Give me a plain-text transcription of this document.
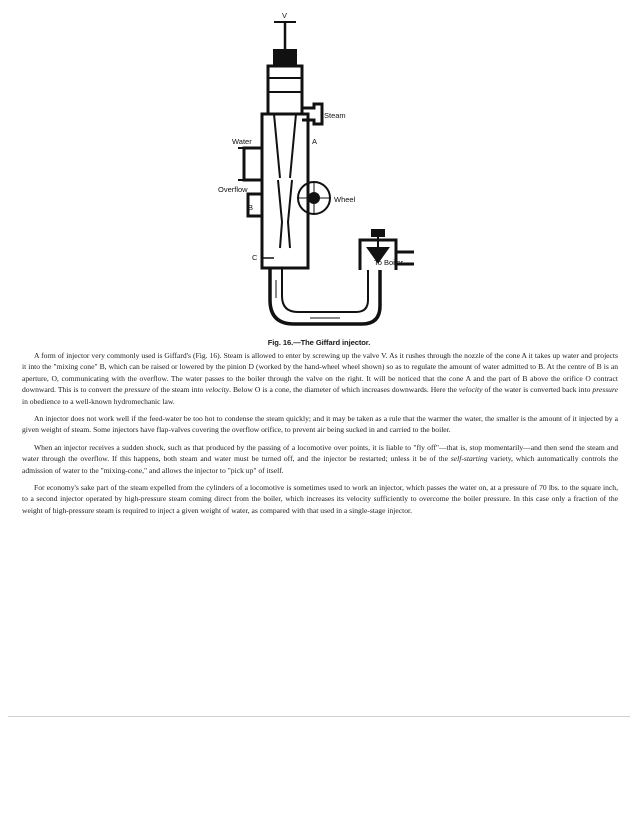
V
Steam
Water	A
Overflow
D Wheel
B
C
To Boiler
Fig. 16.—The Giffard injector.

A form of injector very commonly used is Giffard's (Fig. 16). Steam is allowed to enter by screwing up the valve V. As it rushes through the nozzle of the cone A it takes up water and projects it into the "mixing cone" B, which can be raised or lowered by the pinion D (worked by the hand-wheel wheel shown) so as to regulate the amount of water admitted to B. At the centre of B is an aperture, O, communicating with the overflow. The water passes to the boiler through the valve on the right. It will be noticed that the cone A and the part of B above the orifice O contract downward. This is to convert the pressure of the steam into velocity. Below O is a cone, the diameter of which increases downwards. Here the velocity of the water is converted back into pressure in obedience to a well-known hydromechanic law.

An injector does not work well if the feed-water be too hot to condense the steam quickly; and it may be taken as a rule that the warmer the water, the smaller is the amount of it injected by a given weight of steam. Some injectors have flap-valves covering the overflow orifice, to prevent air being sucked in and carried to the boiler.

When an injector receives a sudden shock, such as that produced by the passing of a locomotive over points, it is liable to "fly off"—that is, stop momentarily—and then send the steam and water through the overflow. If this happens, both steam and water must be turned off, and the injector be restarted; unless it be of the self-starting variety, which automatically controls the admission of water to the "mixing-cone," and allows the injector to "pick up" of itself.

For economy's sake part of the steam expelled from the cylinders of a locomotive is sometimes used to work an injector, which passes the water on, at a pressure of 70 lbs. to the square inch, to a second injector operated by high-pressure steam coming direct from the boiler, which increases its velocity sufficiently to overcome the boiler pressure. In this case only a fraction of the weight of high-pressure steam is required to inject a given weight of water, as compared with that used in a single-stage injector.
